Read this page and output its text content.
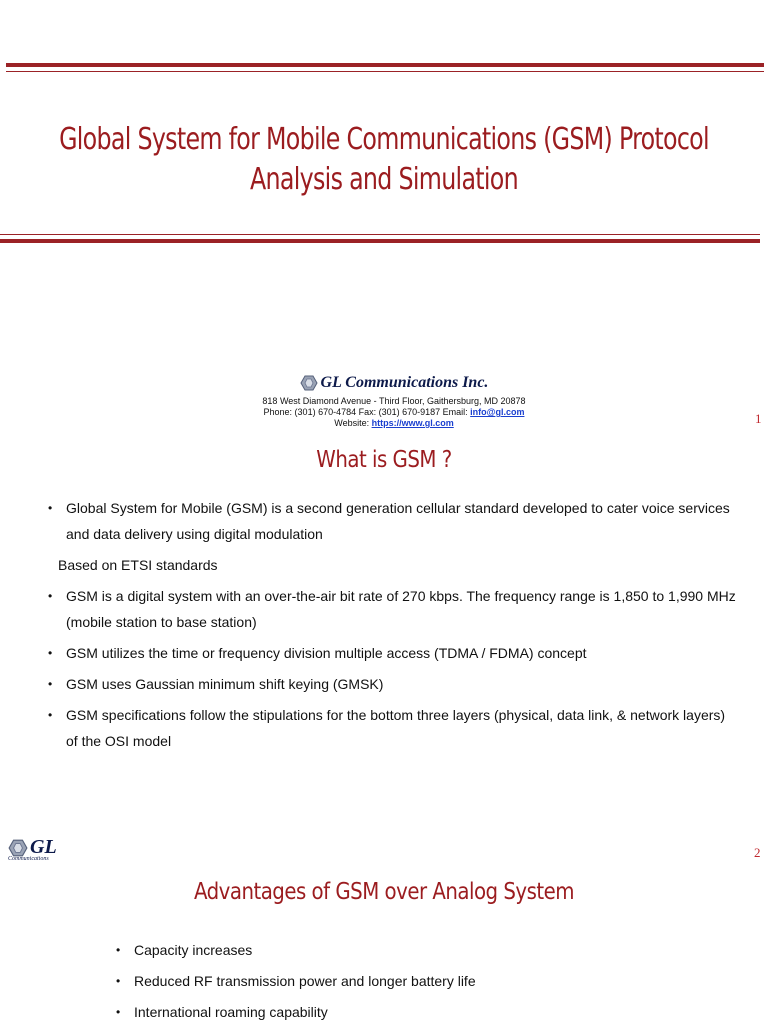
Global System for Mobile Communications (GSM) Protocol
Analysis and Simulation
GL Communications Inc.
818 West Diamond Avenue - Third Floor, Gaithersburg, MD 20878
Phone: (301) 670-4784 Fax: (301) 670-9187 Email: info@gl.com
Website: https://www.gl.com	1
What is GSM ?
• Global System for Mobile (GSM) is a second generation cellular standard developed to cater voice services and data delivery using digital modulation
Based on ETSI standards
• GSM is a digital system with an over-the-air bit rate of 270 kbps. The frequency range is 1,850 to 1,990 MHz (mobile station to base station)
• GSM utilizes the time or frequency division multiple access (TDMA / FDMA) concept
• GSM uses Gaussian minimum shift keying (GMSK)
• GSM specifications follow the stipulations for the bottom three layers (physical, data link, & network layers) of the OSI model
GL
Communications	2
Advantages of GSM over Analog System
• Capacity increases
• Reduced RF transmission power and longer battery life
• International roaming capability
